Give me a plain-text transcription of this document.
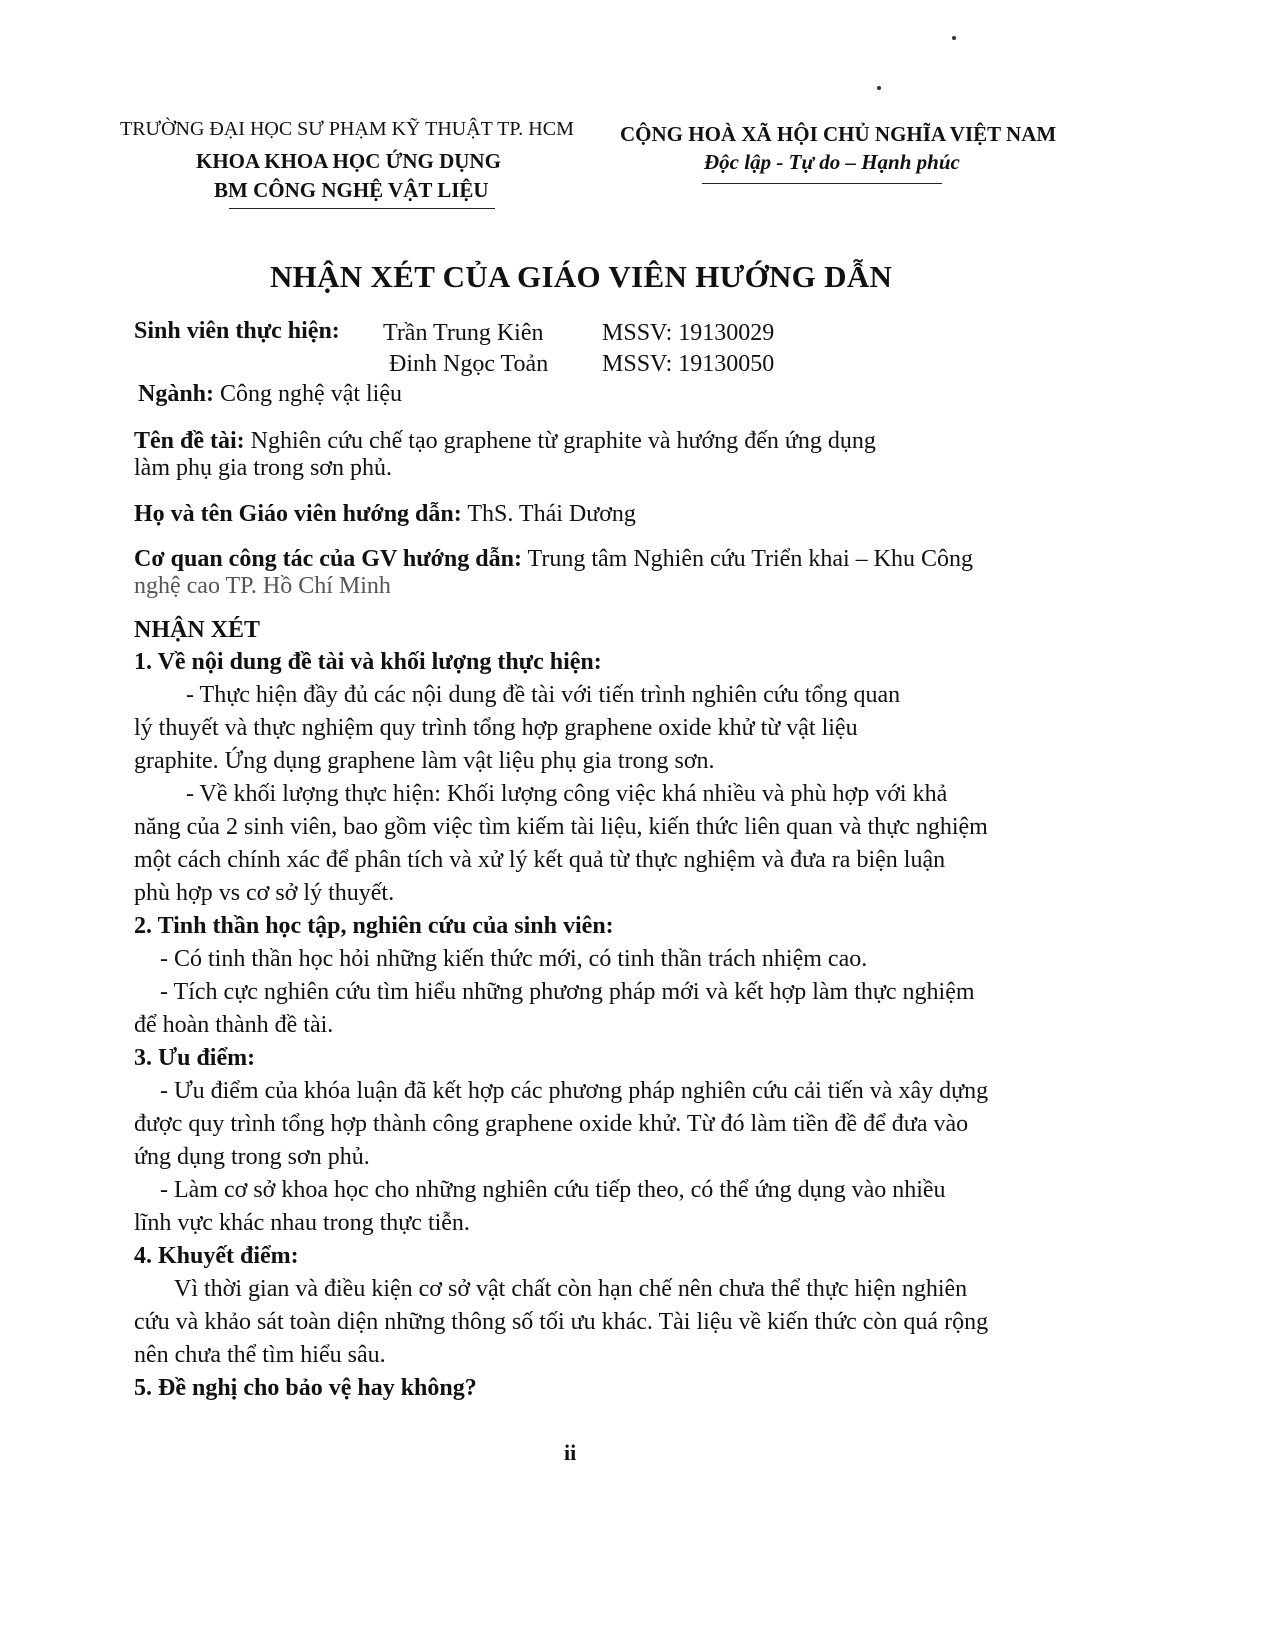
TRƯỜNG ĐẠI HỌC SƯ PHẠM KỸ THUẬT TP. HCM
KHOA KHOA HỌC ỨNG DỤNG
BM CÔNG NGHỆ VẬT LIỆU
CỘNG HOÀ XÃ HỘI CHỦ NGHĨA VIỆT NAM
Độc lập - Tự do – Hạnh phúc
NHẬN XÉT CỦA GIÁO VIÊN HƯỚNG DẪN
Sinh viên thực hiện: Trần Trung Kiên MSSV: 19130029
Đinh Ngọc Toản MSSV: 19130050
Ngành: Công nghệ vật liệu
Tên đề tài: Nghiên cứu chế tạo graphene từ graphite và hướng đến ứng dụng
làm phụ gia trong sơn phủ.
Họ và tên Giáo viên hướng dẫn: ThS. Thái Dương
Cơ quan công tác của GV hướng dẫn: Trung tâm Nghiên cứu Triển khai – Khu Công
nghệ cao TP. Hồ Chí Minh
NHẬN XÉT
1. Về nội dung đề tài và khối lượng thực hiện:
- Thực hiện đầy đủ các nội dung đề tài với tiến trình nghiên cứu tổng quan
lý thuyết và thực nghiệm quy trình tổng hợp graphene oxide khử từ vật liệu
graphite. Ứng dụng graphene làm vật liệu phụ gia trong sơn.
- Về khối lượng thực hiện: Khối lượng công việc khá nhiều và phù hợp với khả
năng của 2 sinh viên, bao gồm việc tìm kiếm tài liệu, kiến thức liên quan và thực nghiệm
một cách chính xác để phân tích và xử lý kết quả từ thực nghiệm và đưa ra biện luận
phù hợp vs cơ sở lý thuyết.
2. Tinh thần học tập, nghiên cứu của sinh viên:
- Có tinh thần học hỏi những kiến thức mới, có tinh thần trách nhiệm cao.
- Tích cực nghiên cứu tìm hiểu những phương pháp mới và kết hợp làm thực nghiệm
để hoàn thành đề tài.
3. Ưu điểm:
- Ưu điểm của khóa luận đã kết hợp các phương pháp nghiên cứu cải tiến và xây dựng
được quy trình tổng hợp thành công graphene oxide khử. Từ đó làm tiền đề để đưa vào
ứng dụng trong sơn phủ.
- Làm cơ sở khoa học cho những nghiên cứu tiếp theo, có thể ứng dụng vào nhiều
lĩnh vực khác nhau trong thực tiễn.
4. Khuyết điểm:
Vì thời gian và điều kiện cơ sở vật chất còn hạn chế nên chưa thể thực hiện nghiên
cứu và khảo sát toàn diện những thông số tối ưu khác. Tài liệu về kiến thức còn quá rộng
nên chưa thể tìm hiểu sâu.
5. Đề nghị cho bảo vệ hay không?
ii
